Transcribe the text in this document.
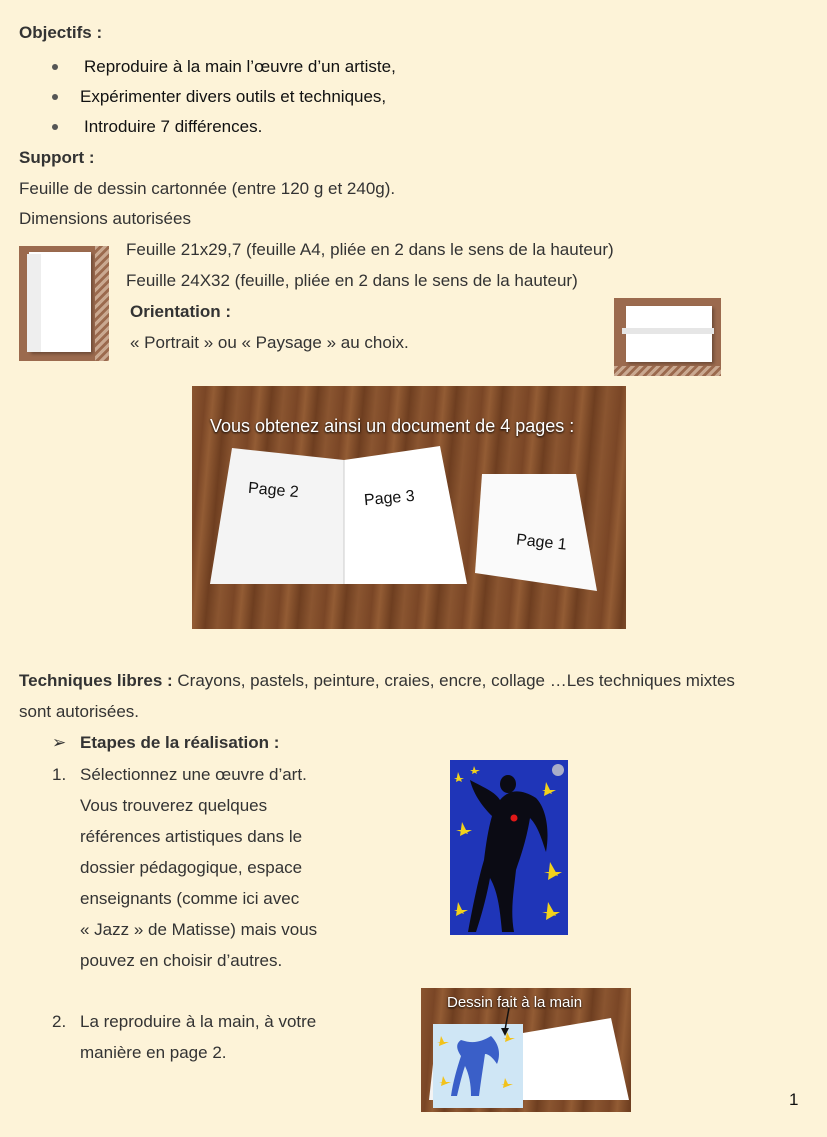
Objectifs :
Reproduire à la main l’œuvre d’un artiste,
Expérimenter divers outils et techniques,
Introduire 7 différences.
Support :
Feuille de dessin cartonnée (entre 120 g et 240g).
Dimensions autorisées
Feuille 21x29,7 (feuille A4, pliée en 2 dans le sens de la hauteur)
Feuille 24X32 (feuille, pliée en 2 dans le sens de la hauteur)
Orientation :
« Portrait » ou « Paysage » au choix.
Vous obtenez ainsi un document de 4 pages :
Page 2	Page 3
Page 1
Techniques libres : Crayons, pastels, peinture, craies, encre, collage …Les techniques mixtes
sont autorisées.
➢ Etapes de la réalisation :
1. Sélectionnez une œuvre d’art.
Vous trouverez quelques
références artistiques dans le
dossier pédagogique, espace
enseignants (comme ici avec
« Jazz » de Matisse) mais vous
pouvez en choisir d’autres.
2. La reproduire à la main, à votre
manière en page 2.
Dessin fait à la main
1
